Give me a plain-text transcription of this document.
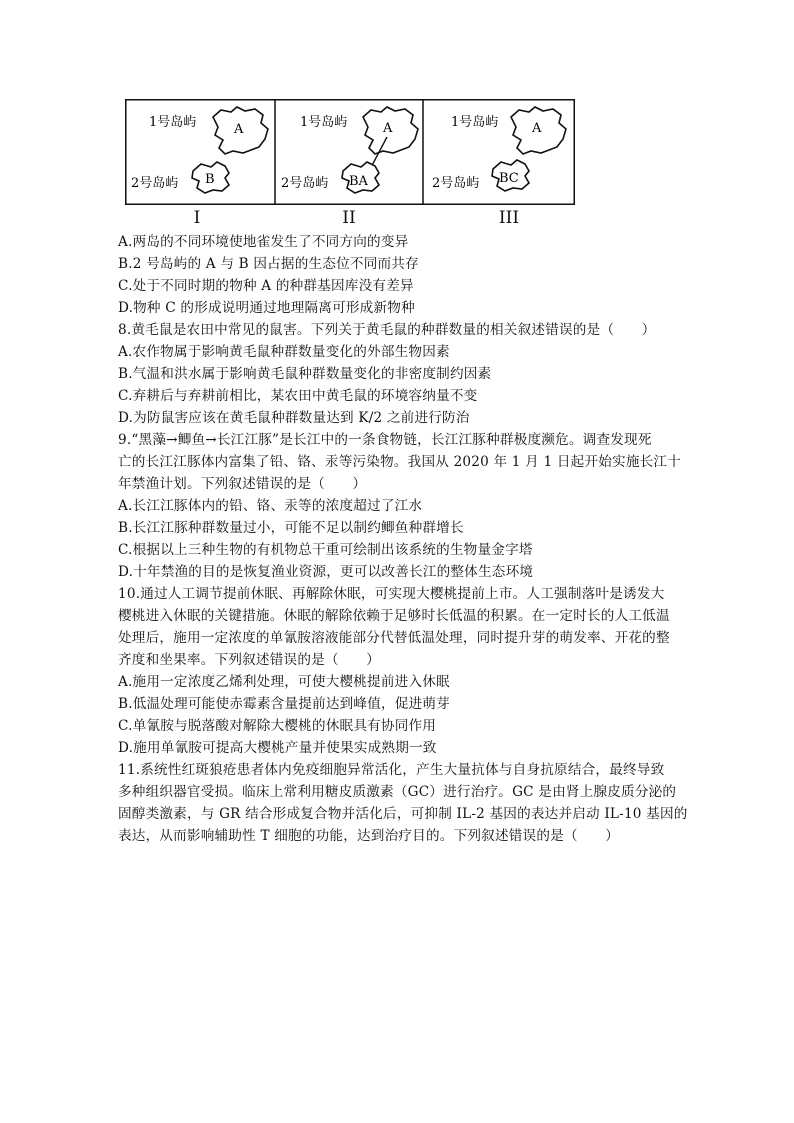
1号岛屿	A
2号岛屿 B
1号岛屿	A
2号岛屿 BA
1号岛屿	A
2号岛屿 BC
I	II	III
A.两岛的不同环境使地雀发生了不同方向的变异
B.2 号岛屿的 A 与 B 因占据的生态位不同而共存
C.处于不同时期的物种 A 的种群基因库没有差异
D.物种 C 的形成说明通过地理隔离可形成新物种
8.黄毛鼠是农田中常见的鼠害。下列关于黄毛鼠的种群数量的相关叙述错误的是（　　）
A.农作物属于影响黄毛鼠种群数量变化的外部生物因素
B.气温和洪水属于影响黄毛鼠种群数量变化的非密度制约因素
C.弃耕后与弃耕前相比，某农田中黄毛鼠的环境容纳量不变
D.为防鼠害应该在黄毛鼠种群数量达到 K/2 之前进行防治
9.“黑藻→鲫鱼→长江江豚”是长江中的一条食物链，长江江豚种群极度濒危。调查发现死
亡的长江江豚体内富集了铅、铬、汞等污染物。我国从 2020 年 1 月 1 日起开始实施长江十
年禁渔计划。下列叙述错误的是（　　）
A.长江江豚体内的铅、铬、汞等的浓度超过了江水
B.长江江豚种群数量过小，可能不足以制约鲫鱼种群增长
C.根据以上三种生物的有机物总干重可绘制出该系统的生物量金字塔
D.十年禁渔的目的是恢复渔业资源，更可以改善长江的整体生态环境
10.通过人工调节提前休眠、再解除休眠，可实现大樱桃提前上市。人工强制落叶是诱发大
樱桃进入休眠的关键措施。休眠的解除依赖于足够时长低温的积累。在一定时长的人工低温
处理后，施用一定浓度的单氰胺溶液能部分代替低温处理，同时提升芽的萌发率、开花的整
齐度和坐果率。下列叙述错误的是（　　）
A.施用一定浓度乙烯利处理，可使大樱桃提前进入休眠
B.低温处理可能使赤霉素含量提前达到峰值，促进萌芽
C.单氰胺与脱落酸对解除大樱桃的休眠具有协同作用
D.施用单氰胺可提高大樱桃产量并使果实成熟期一致
11.系统性红斑狼疮患者体内免疫细胞异常活化，产生大量抗体与自身抗原结合，最终导致
多种组织器官受损。临床上常利用糖皮质激素（GC）进行治疗。GC 是由肾上腺皮质分泌的
固醇类激素，与 GR 结合形成复合物并活化后，可抑制 IL-2 基因的表达并启动 IL-10 基因的
表达，从而影响辅助性 T 细胞的功能，达到治疗目的。下列叙述错误的是（　　）
